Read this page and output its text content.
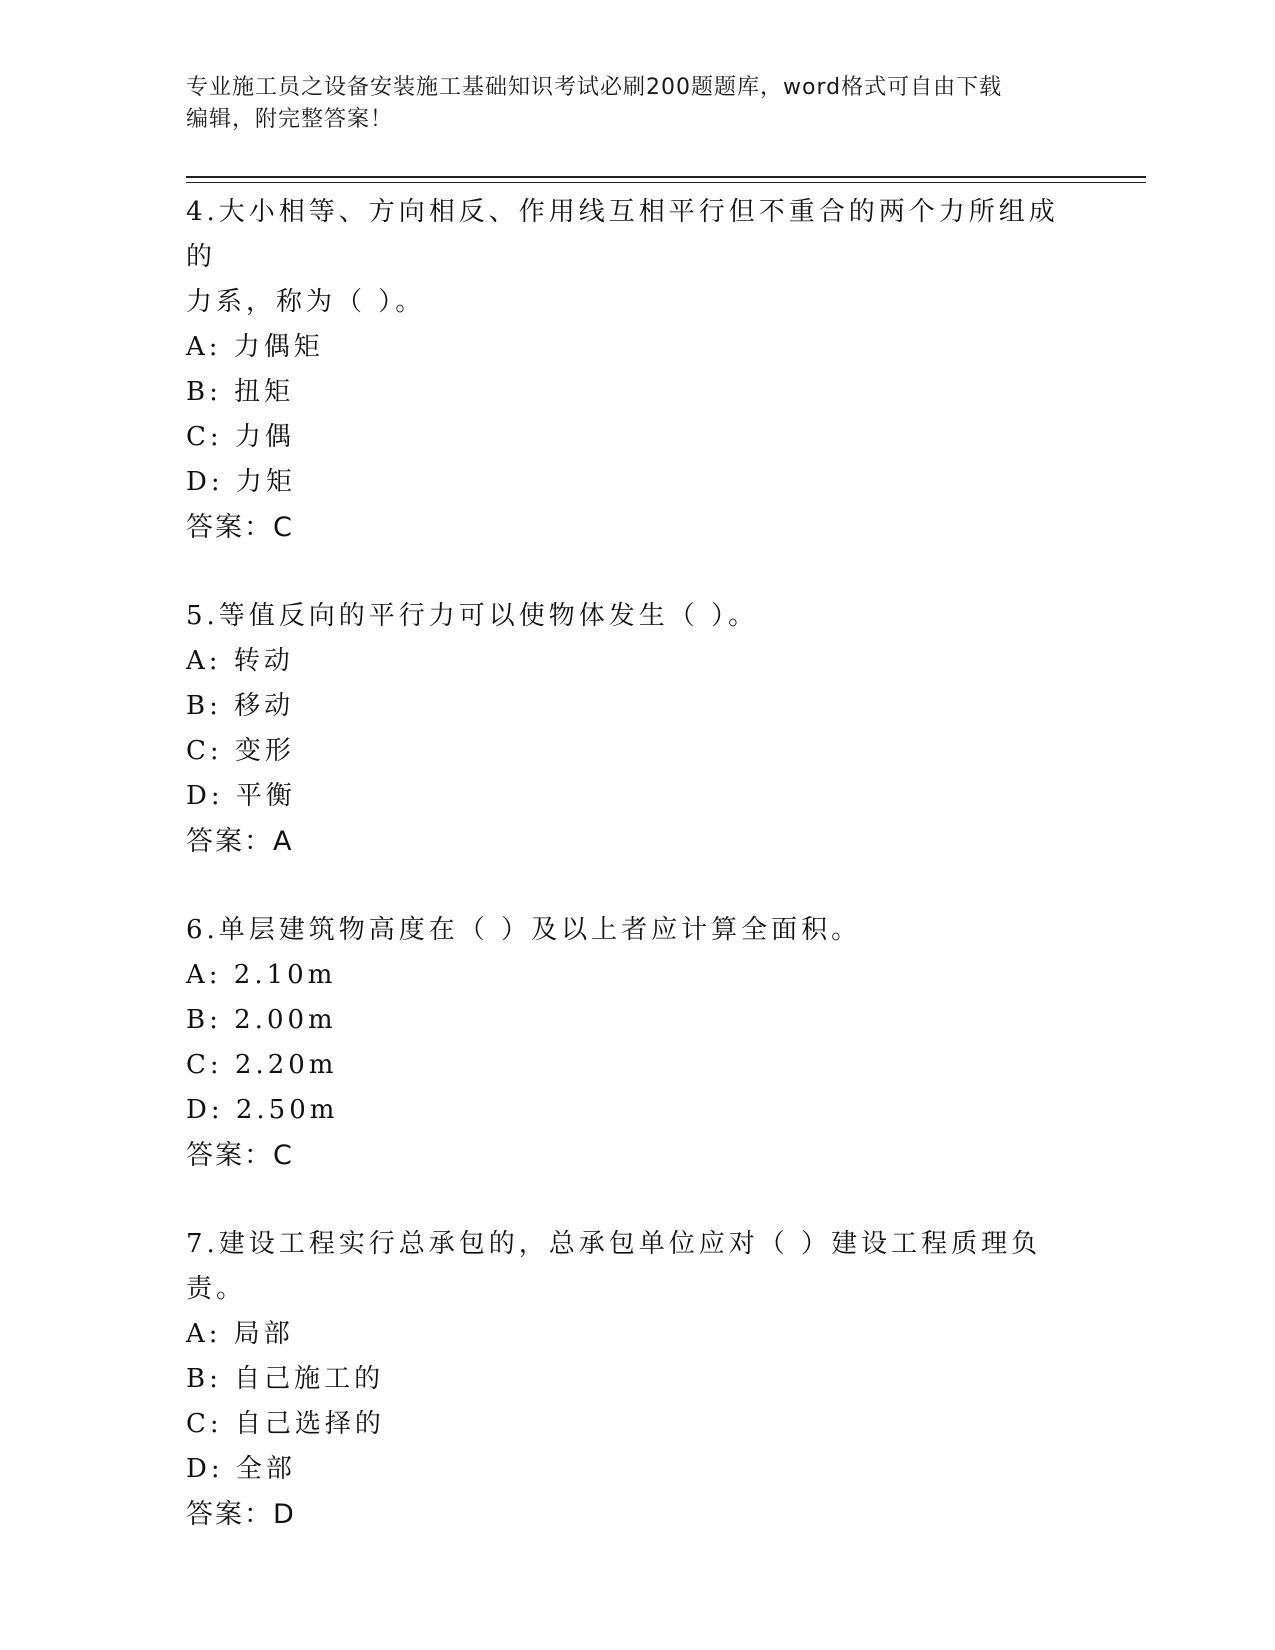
专业施工员之设备安装施工基础知识考试必刷200题题库，word格式可自由下载
编辑，附完整答案！

4.大小相等、方向相反、作用线互相平行但不重合的两个力所组成的

力系，称为（ ）。

A: 力偶矩

B: 扭矩

C: 力偶

D: 力矩

答案：C

5.等值反向的平行力可以使物体发生（ ）。

A: 转动

B: 移动

C: 变形

D: 平衡

答案：A

6.单层建筑物高度在（ ）及以上者应计算全面积。

A: 2.10m

B: 2.00m

C: 2.20m

D: 2.50m

答案：C

7.建设工程实行总承包的，总承包单位应对（ ）建设工程质理负责。

A: 局部

B: 自己施工的

C: 自己选择的

D: 全部

答案：D
